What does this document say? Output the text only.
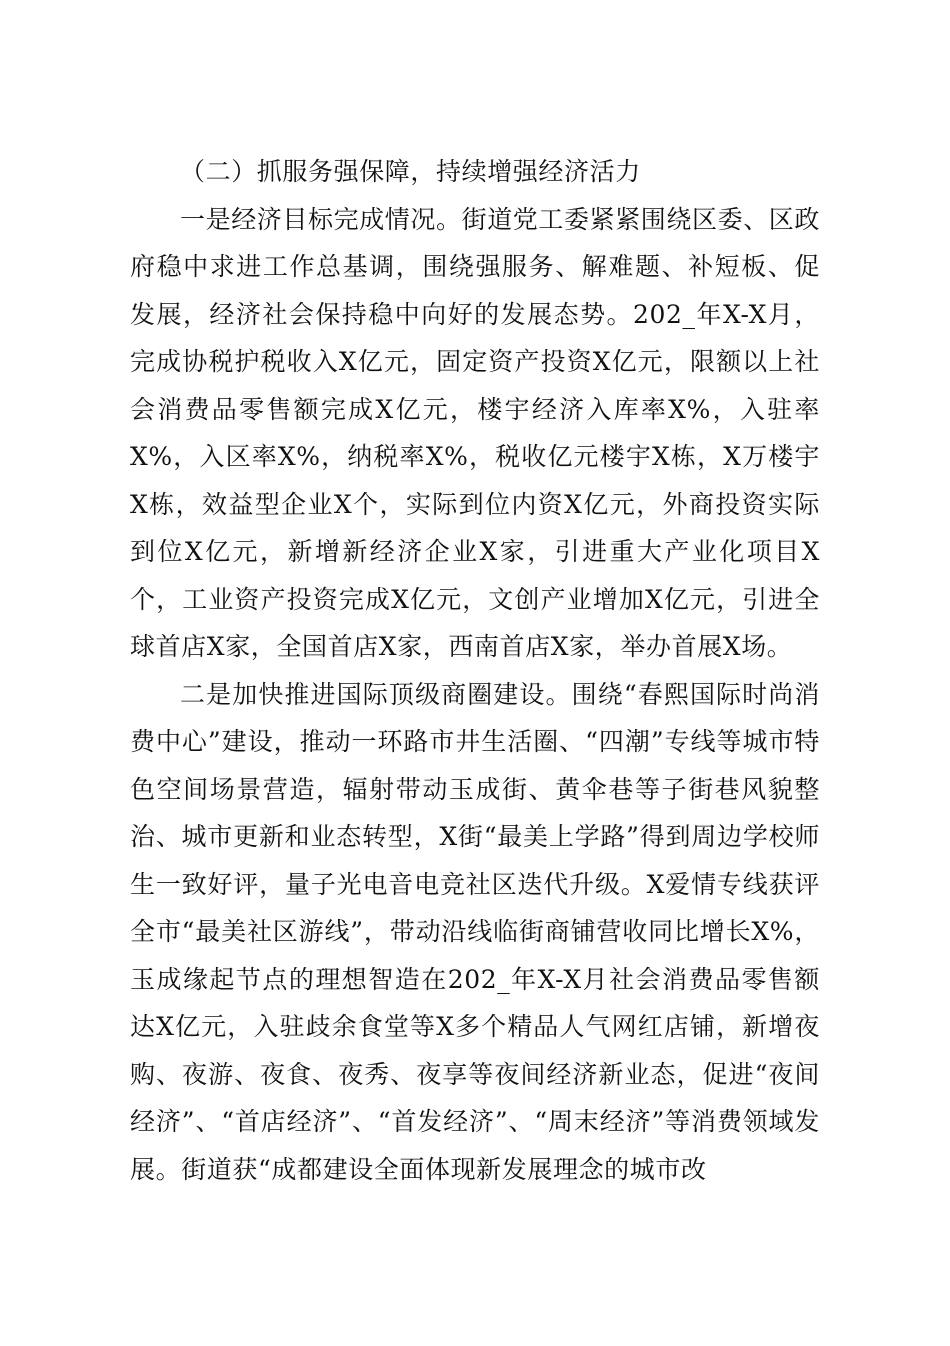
（二）抓服务强保障，持续增强经济活力

一是经济目标完成情况。街道党工委紧紧围绕区委、区政府稳中求进工作总基调，围绕强服务、解难题、补短板、促发展，经济社会保持稳中向好的发展态势。202_年X-X月，完成协税护税收入X亿元，固定资产投资X亿元，限额以上社会消费品零售额完成X亿元，楼宇经济入库率X%，入驻率X%，入区率X%，纳税率X%，税收亿元楼宇X栋，X万楼宇X栋，效益型企业X个，实际到位内资X亿元，外商投资实际到位X亿元，新增新经济企业X家，引进重大产业化项目X个，工业资产投资完成X亿元，文创产业增加X亿元，引进全球首店X家，全国首店X家，西南首店X家，举办首展X场。

二是加快推进国际顶级商圈建设。围绕“春熙国际时尚消费中心”建设，推动一环路市井生活圈、“四潮”专线等城市特色空间场景营造，辐射带动玉成街、黄伞巷等子街巷风貌整治、城市更新和业态转型，X街“最美上学路”得到周边学校师生一致好评，量子光电音电竞社区迭代升级。X爱情专线获评全市“最美社区游线”，带动沿线临街商铺营收同比增长X%，玉成缘起节点的理想智造在202_年X-X月社会消费品零售额达X亿元，入驻歧余食堂等X多个精品人气网红店铺，新增夜购、夜游、夜食、夜秀、夜享等夜间经济新业态，促进“夜间经济”、“首店经济”、“首发经济”、“周末经济”等消费领域发展。街道获“成都建设全面体现新发展理念的城市改
